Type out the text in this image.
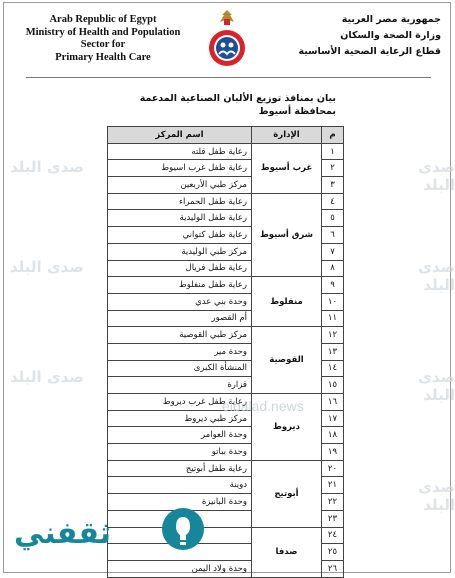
Arab Republic of Egypt
Ministry of Health and Population
Sector for
Primary Health Care
جمهورية مصر العربية
وزارة الصحة والسكان
قطاع الرعاية الصحية الأساسية
بيان بمنافذ توزيع الألبان الصناعية المدعمة بمحافظة أسيوط
م	الإدارة	اسم المركز
١	غرب أسيوط	رعاية طفل قلته
٢		رعاية طفل غرب اسيوط
٣		مركز طبي الأربعين
٤	شرق أسيوط	رعاية طفل الحمراء
٥		رعاية طفل الوليدية
٦		رعاية طفل كتواني
٧		مركز طبي الوليدية
٨		رعاية طفل فريال
٩	منفلوط	رعاية طفل منفلوط
١٠		وحدة بني عدي
١١		أم القصور
١٢	القوصية	مركز طبي القوصية
١٣		وحدة مير
١٤		المنشأة الكبرى
١٥		قزارة
١٦	ديروط	رعاية طفل غرب ديروط
١٧		مركز طبي ديروط
١٨		وحدة العوامر
١٩		وحدة بباتو
٢٠	أبوتيج	رعاية طفل أبوتيج
٢١		دوينة
٢٢		وحدة البانيزة
٢٣		
٢٤	صدفا	
٢٥		
٢٦		وحدة ولاد اليمن
صدى البلد
صدى البلد
صدى البلد
صدى البلد
صدى البلد
صدى البلد
صدى البلد
elbalad.news
ثقفني
